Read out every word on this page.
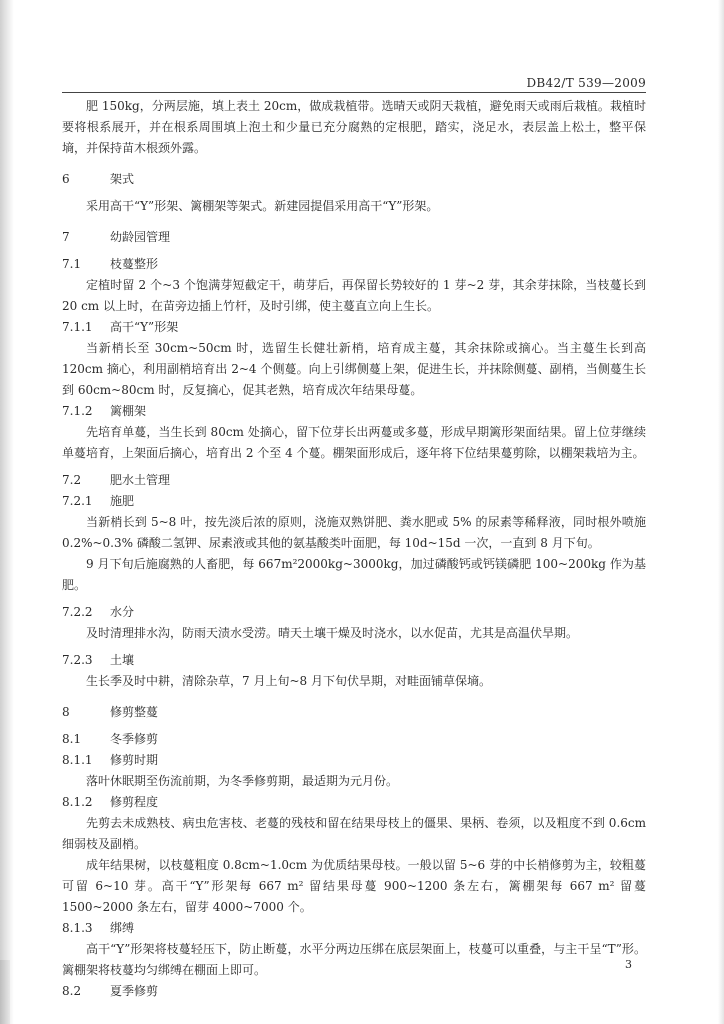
DB42/T 539—2009

肥 150kg，分两层施，填上表土 20cm，做成栽植带。选晴天或阴天栽植，避免雨天或雨后栽植。栽植时要将根系展开，并在根系周围填上泡土和少量已充分腐熟的定根肥，踏实，浇足水，表层盖上松土，整平保墒，并保持苗木根颈外露。

6	架式

采用高干“Y”形架、篱棚架等架式。新建园提倡采用高干“Y”形架。

7	幼龄园管理
7.1 枝蔓整形

定植时留 2 个~3 个饱满芽短截定干，萌芽后，再保留长势较好的 1 芽~2 芽，其余芽抹除，当枝蔓长到 20 cm 以上时，在苗旁边插上竹杆，及时引绑，使主蔓直立向上生长。

7.1.1 高干“Y”形架

当新梢长至 30cm~50cm 时，选留生长健壮新梢，培育成主蔓，其余抹除或摘心。当主蔓生长到高 120cm 摘心，利用副梢培育出 2~4 个侧蔓。向上引绑侧蔓上架，促进生长，并抹除侧蔓、副梢，当侧蔓生长到 60cm~80cm 时，反复摘心，促其老熟，培育成次年结果母蔓。

7.1.2 篱棚架

先培育单蔓，当生长到 80cm 处摘心，留下位芽长出两蔓或多蔓，形成早期篱形架面结果。留上位芽继续单蔓培育，上架面后摘心，培育出 2 个至 4 个蔓。棚架面形成后，逐年将下位结果蔓剪除，以棚架栽培为主。

7.2 肥水土管理
7.2.1 施肥

当新梢长到 5~8 叶，按先淡后浓的原则，浇施双熟饼肥、粪水肥或 5% 的尿素等稀释液，同时根外喷施 0.2%~0.3% 磷酸二氢钾、尿素液或其他的氨基酸类叶面肥，每 10d~15d 一次，一直到 8 月下旬。

9 月下旬后施腐熟的人畜肥，每 667m²2000kg~3000kg，加过磷酸钙或钙镁磷肥 100~200kg 作为基肥。

7.2.2 水分

及时清理排水沟，防雨天渍水受涝。晴天土壤干燥及时浇水，以水促苗，尤其是高温伏旱期。

7.2.3 土壤

生长季及时中耕，清除杂草，7 月上旬~8 月下旬伏旱期，对畦面铺草保墒。

8	修剪整蔓
8.1 冬季修剪
8.1.1 修剪时期

落叶休眠期至伤流前期，为冬季修剪期，最适期为元月份。

8.1.2 修剪程度

先剪去未成熟枝、病虫危害枝、老蔓的残枝和留在结果母枝上的僵果、果柄、卷须，以及粗度不到 0.6cm 细弱枝及副梢。

成年结果树，以枝蔓粗度 0.8cm~1.0cm 为优质结果母枝。一般以留 5~6 芽的中长梢修剪为主，较粗蔓可留 6~10 芽。高干“Y”形架每 667 m² 留结果母蔓 900~1200 条左右，篱棚架每 667 m² 留蔓 1500~2000 条左右，留芽 4000~7000 个。

8.1.3 绑缚

高干“Y”形架将枝蔓轻压下，防止断蔓，水平分两边压绑在底层架面上，枝蔓可以重叠，与主干呈“T”形。篱棚架将枝蔓均匀绑缚在棚面上即可。

8.2 夏季修剪
3
